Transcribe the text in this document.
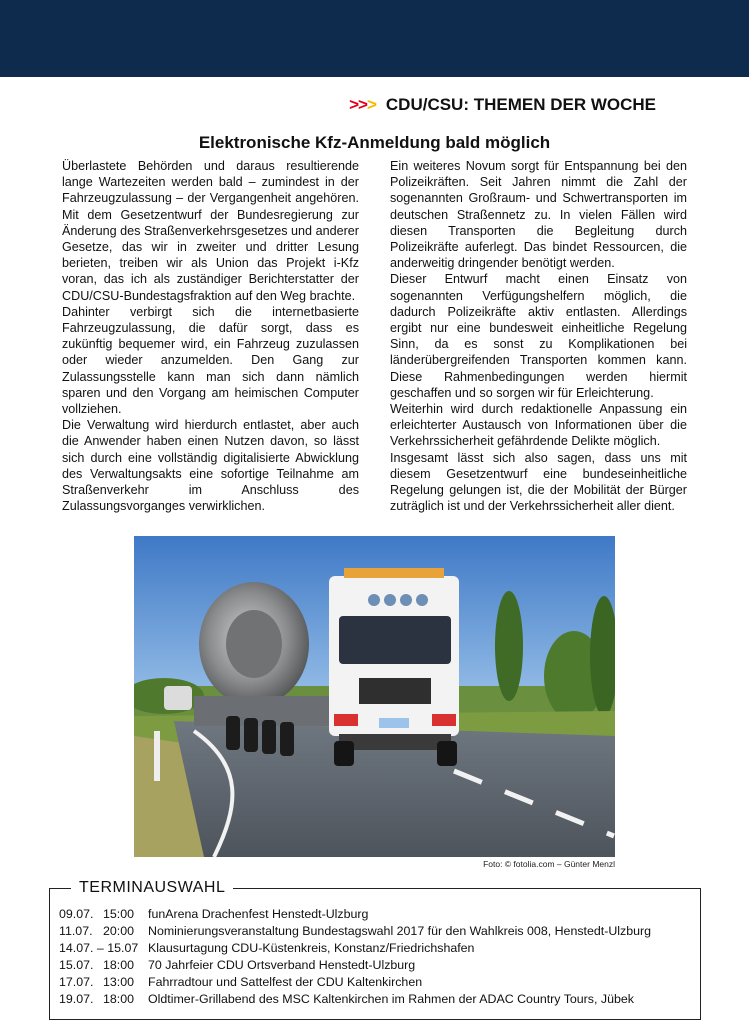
>>> CDU/CSU: THEMEN DER WOCHE
Elektronische Kfz-Anmeldung bald möglich

Überlastete Behörden und daraus resultierende lange Wartezeiten werden bald – zumindest in der Fahrzeugzulassung – der Vergangenheit angehören. Mit dem Gesetzentwurf der Bundesregierung zur Änderung des Straßenverkehrsgesetzes und anderer Gesetze, das wir in zweiter und dritter Lesung berieten, treiben wir als Union das Projekt i-Kfz voran, das ich als zuständiger Berichterstatter der CDU/CSU-Bundestagsfraktion auf den Weg brachte.

Dahinter verbirgt sich die internetbasierte Fahrzeugzulassung, die dafür sorgt, dass es zukünftig bequemer wird, ein Fahrzeug zuzulassen oder wieder anzumelden. Den Gang zur Zulassungsstelle kann man sich dann nämlich sparen und den Vorgang am heimischen Computer vollziehen.

Die Verwaltung wird hierdurch entlastet, aber auch die Anwender haben einen Nutzen davon, so lässt sich durch eine vollständig digitalisierte Abwicklung des Verwaltungsakts eine sofortige Teilnahme am Straßenverkehr im Anschluss des Zulassungsvorganges verwirklichen.

Ein weiteres Novum sorgt für Entspannung bei den Polizeikräften. Seit Jahren nimmt die Zahl der sogenannten Großraum- und Schwertransporten im deutschen Straßennetz zu. In vielen Fällen wird diesen Transporten die Begleitung durch Polizeikräfte auferlegt. Das bindet Ressourcen, die anderweitig dringender benötigt werden.

Dieser Entwurf macht einen Einsatz von sogenannten Verfügungshelfern möglich, die dadurch Polizeikräfte aktiv entlasten. Allerdings ergibt nur eine bundesweit einheitliche Regelung Sinn, da es sonst zu Komplikationen bei länderübergreifenden Transporten kommen kann. Diese Rahmenbedingungen werden hiermit geschaffen und so sorgen wir für Erleichterung.

Weiterhin wird durch redaktionelle Anpassung ein erleichterter Austausch von Informationen über die Verkehrssicherheit gefährdende Delikte möglich.

Insgesamt lässt sich also sagen, dass uns mit diesem Gesetzentwurf eine bundeseinheitliche Regelung gelungen ist, die der Mobilität der Bürger zuträglich ist und der Verkehrssicherheit aller dient.

Foto: © fotolia.com – Günter Menzl
TERMINAUSWAHL
09.07. 15:00	funArena Drachenfest Henstedt-Ulzburg
11.07. 20:00	Nominierungsveranstaltung Bundestagswahl 2017 für den Wahlkreis 008, Henstedt-Ulzburg
14.07. – 15.07 Klausurtagung CDU-Küstenkreis, Konstanz/Friedrichshafen
15.07. 18:00	70 Jahrfeier CDU Ortsverband Henstedt-Ulzburg
17.07. 13:00	Fahrradtour und Sattelfest der CDU Kaltenkirchen
19.07. 18:00	Oldtimer-Grillabend des MSC Kaltenkirchen im Rahmen der ADAC Country Tours, Jübek
